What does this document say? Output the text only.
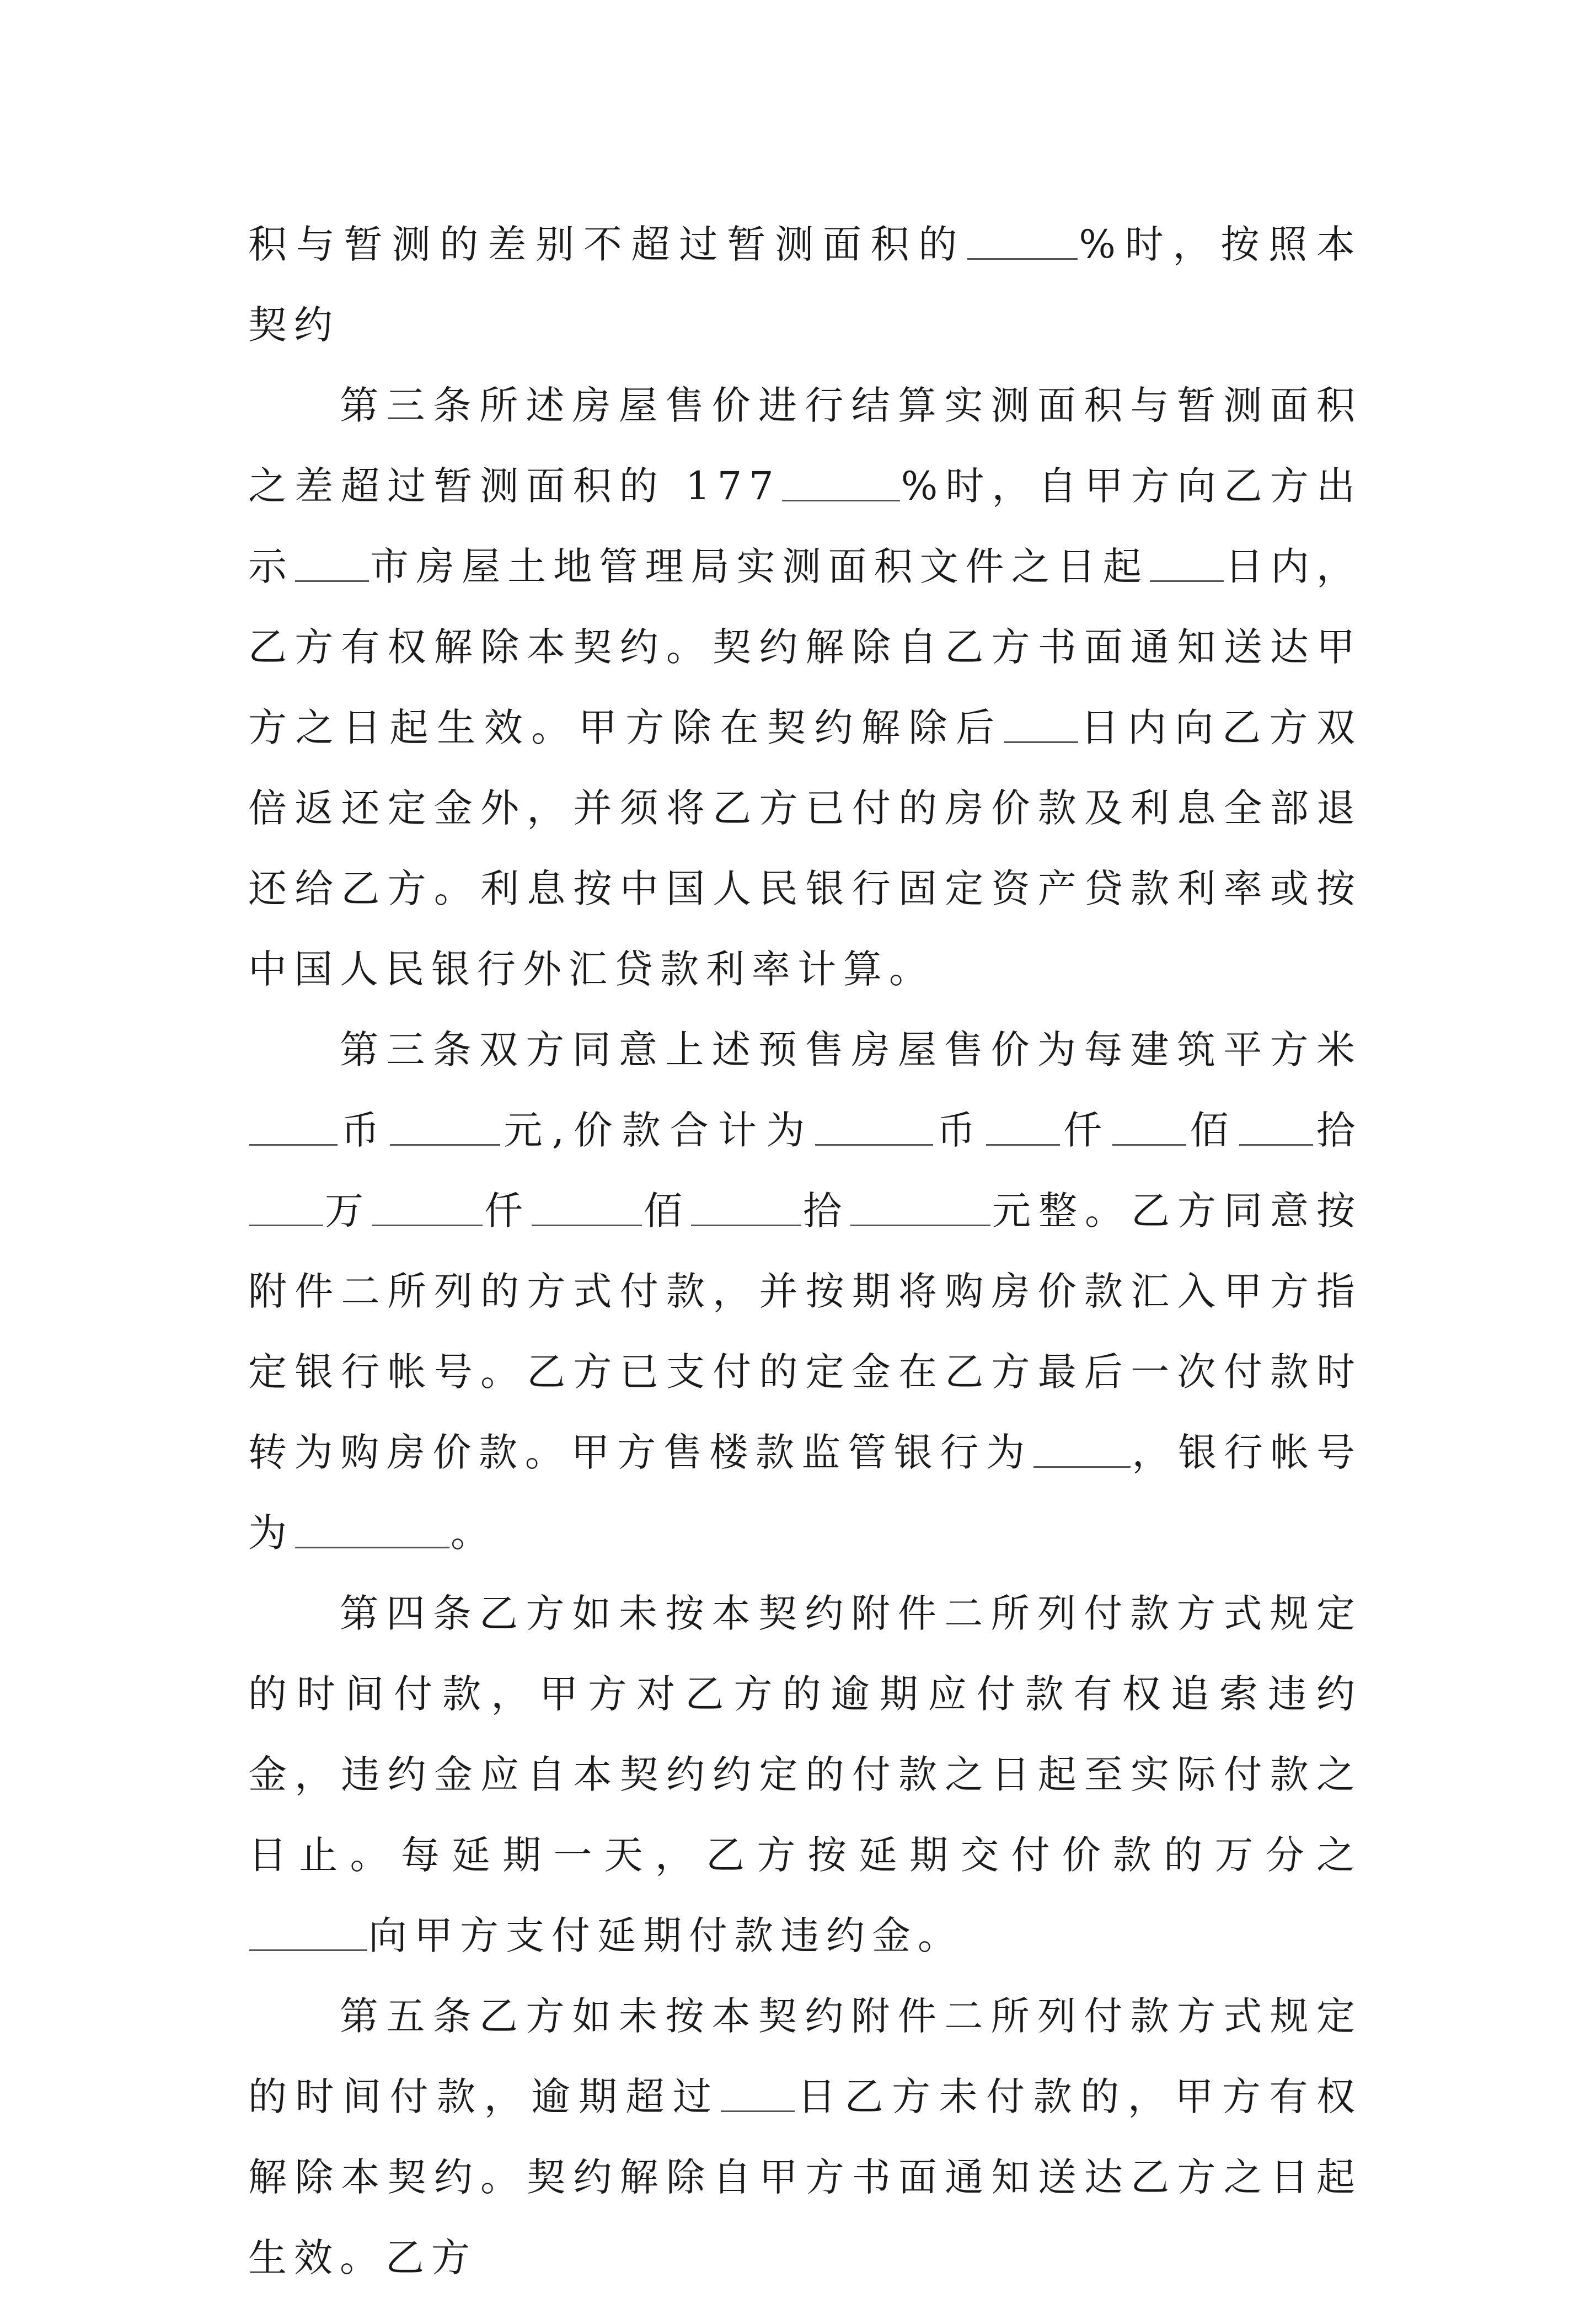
积与暂测的差别不超过暂测面积的	%时，按照本契约

第三条所述房屋售价进行结算实测面积与暂测面积之差超过暂测面积的 177	%时，自甲方向乙方出示 市房屋土地管理局实测面积文件之日起 日内，乙方有权解除本契约。契约解除自乙方书面通知送达甲方之日起生效。甲方除在契约解除后 日内向乙方双倍返还定金外，并须将乙方已付的房价款及利息全部退还给乙方。利息按中国人民银行固定资产贷款利率或按中国人民银行外汇贷款利率计算。

第三条双方同意上述预售房屋售价为每建筑平方米币	元,价款合计为	币 仟 佰 拾万	仟	佰	拾	元整。乙方同意按附件二所列的方式付款，并按期将购房价款汇入甲方指定银行帐号。乙方已支付的定金在乙方最后一次付款时转为购房价款。甲方售楼款监管银行为	，银行帐号为	。

第四条乙方如未按本契约附件二所列付款方式规定的时间付款，甲方对乙方的逾期应付款有权追索违约金，违约金应自本契约约定的付款之日起至实际付款之日止。每延期一天，乙方按延期交付价款的万分之向甲方支付延期付款违约金。

第五条乙方如未按本契约附件二所列付款方式规定的时间付款，逾期超过 日乙方未付款的，甲方有权解除本契约。契约解除自甲方书面通知送达乙方之日起生效。乙方
